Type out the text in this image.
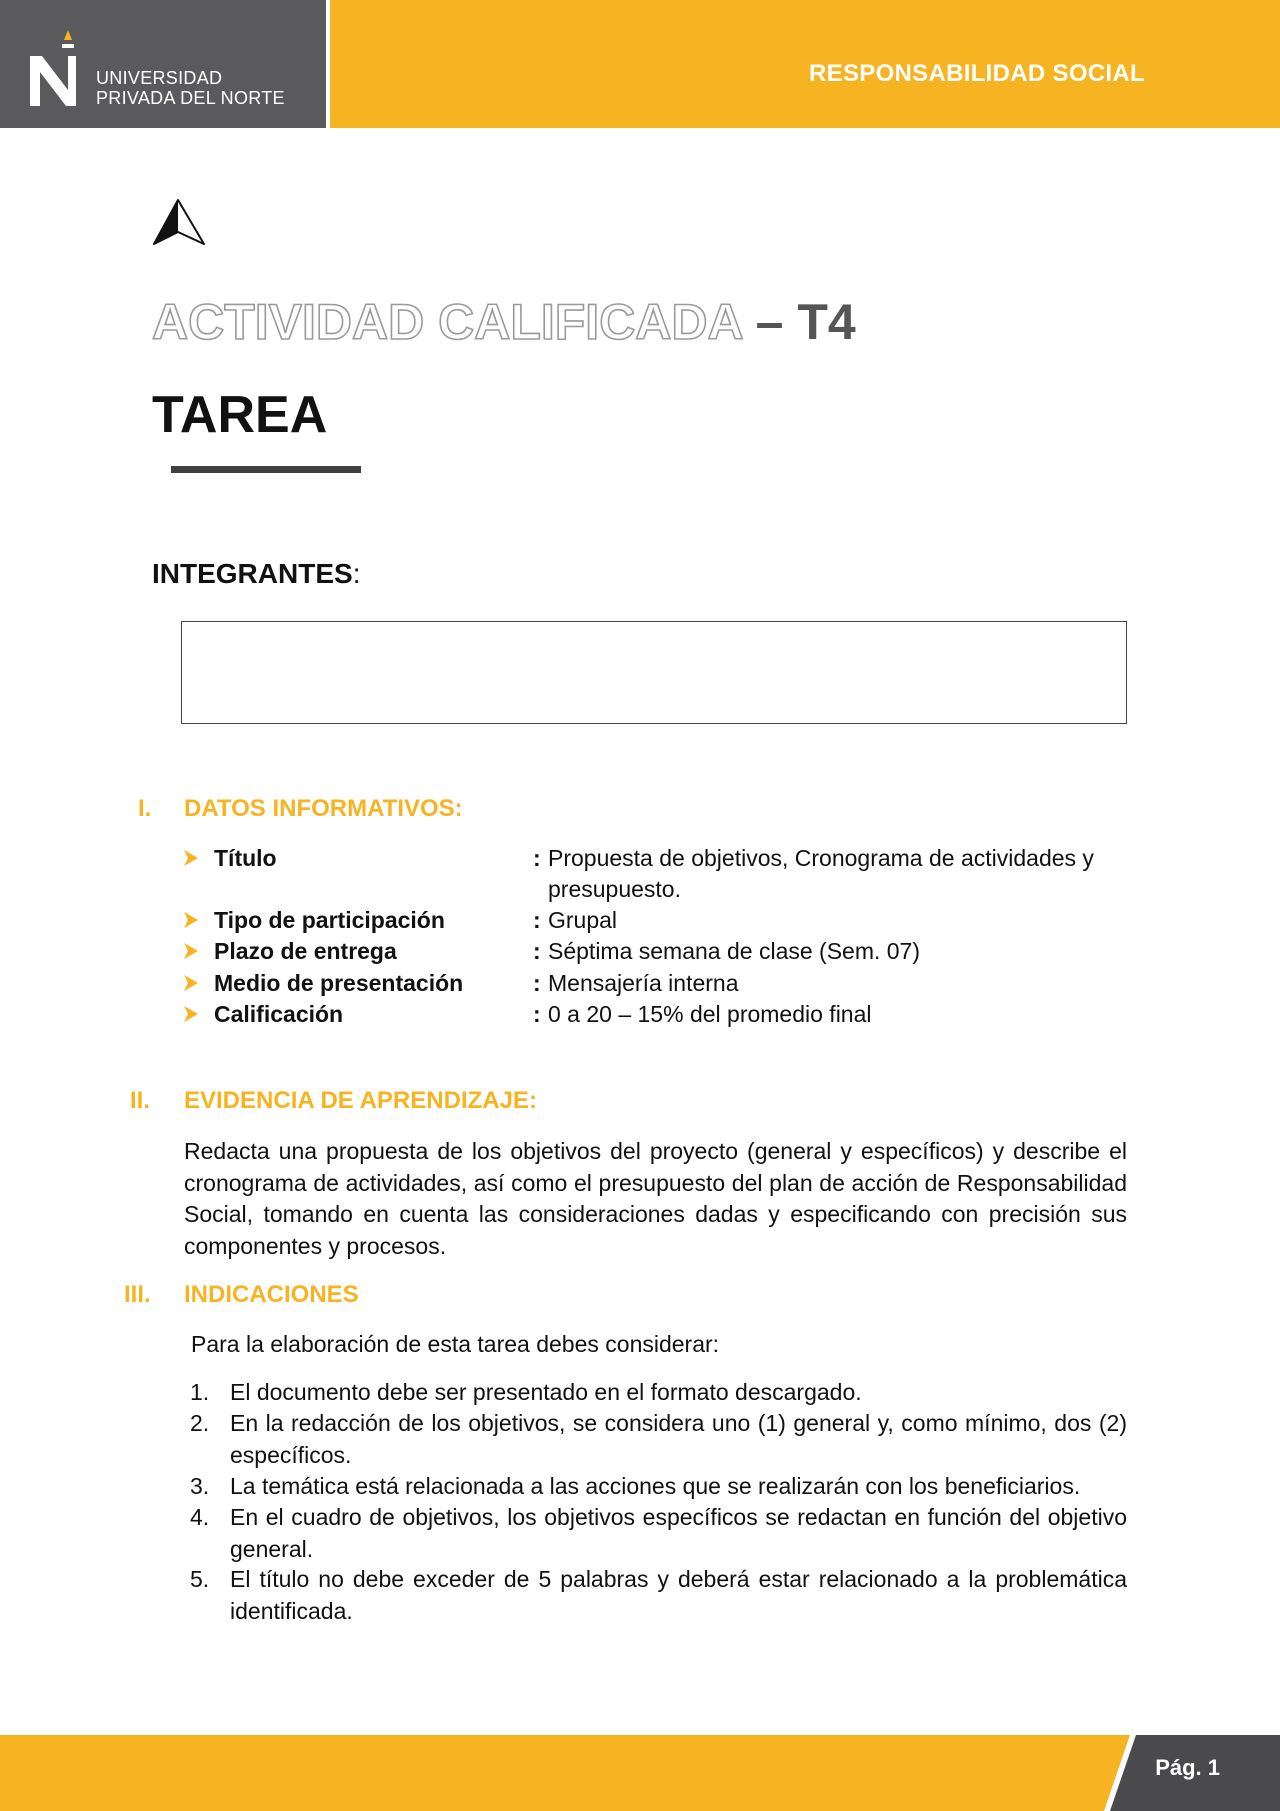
UNIVERSIDAD
PRIVADA DEL NORTE
RESPONSABILIDAD SOCIAL
ACTIVIDAD CALIFICADA – T4
TAREA
INTEGRANTES:
I. DATOS INFORMATIVOS:
Título	: Propuesta de objetivos, Cronograma de actividades y presupuesto.
Tipo de participación	: Grupal
Plazo de entrega	: Séptima semana de clase (Sem. 07)
Medio de presentación	: Mensajería interna
Calificación	: 0 a 20 – 15% del promedio final
II. EVIDENCIA DE APRENDIZAJE:
Redacta una propuesta de los objetivos del proyecto (general y específicos) y describe el cronograma de actividades, así como el presupuesto del plan de acción de Responsabilidad Social, tomando en cuenta las consideraciones dadas y especificando con precisión sus componentes y procesos.
III. INDICACIONES
Para la elaboración de esta tarea debes considerar:
1. El documento debe ser presentado en el formato descargado.
2. En la redacción de los objetivos, se considera uno (1) general y, como mínimo, dos (2) específicos.
3. La temática está relacionada a las acciones que se realizarán con los beneficiarios.
4. En el cuadro de objetivos, los objetivos específicos se redactan en función del objetivo general.
5. El título no debe exceder de 5 palabras y deberá estar relacionado a la problemática identificada.
Pág. 1
